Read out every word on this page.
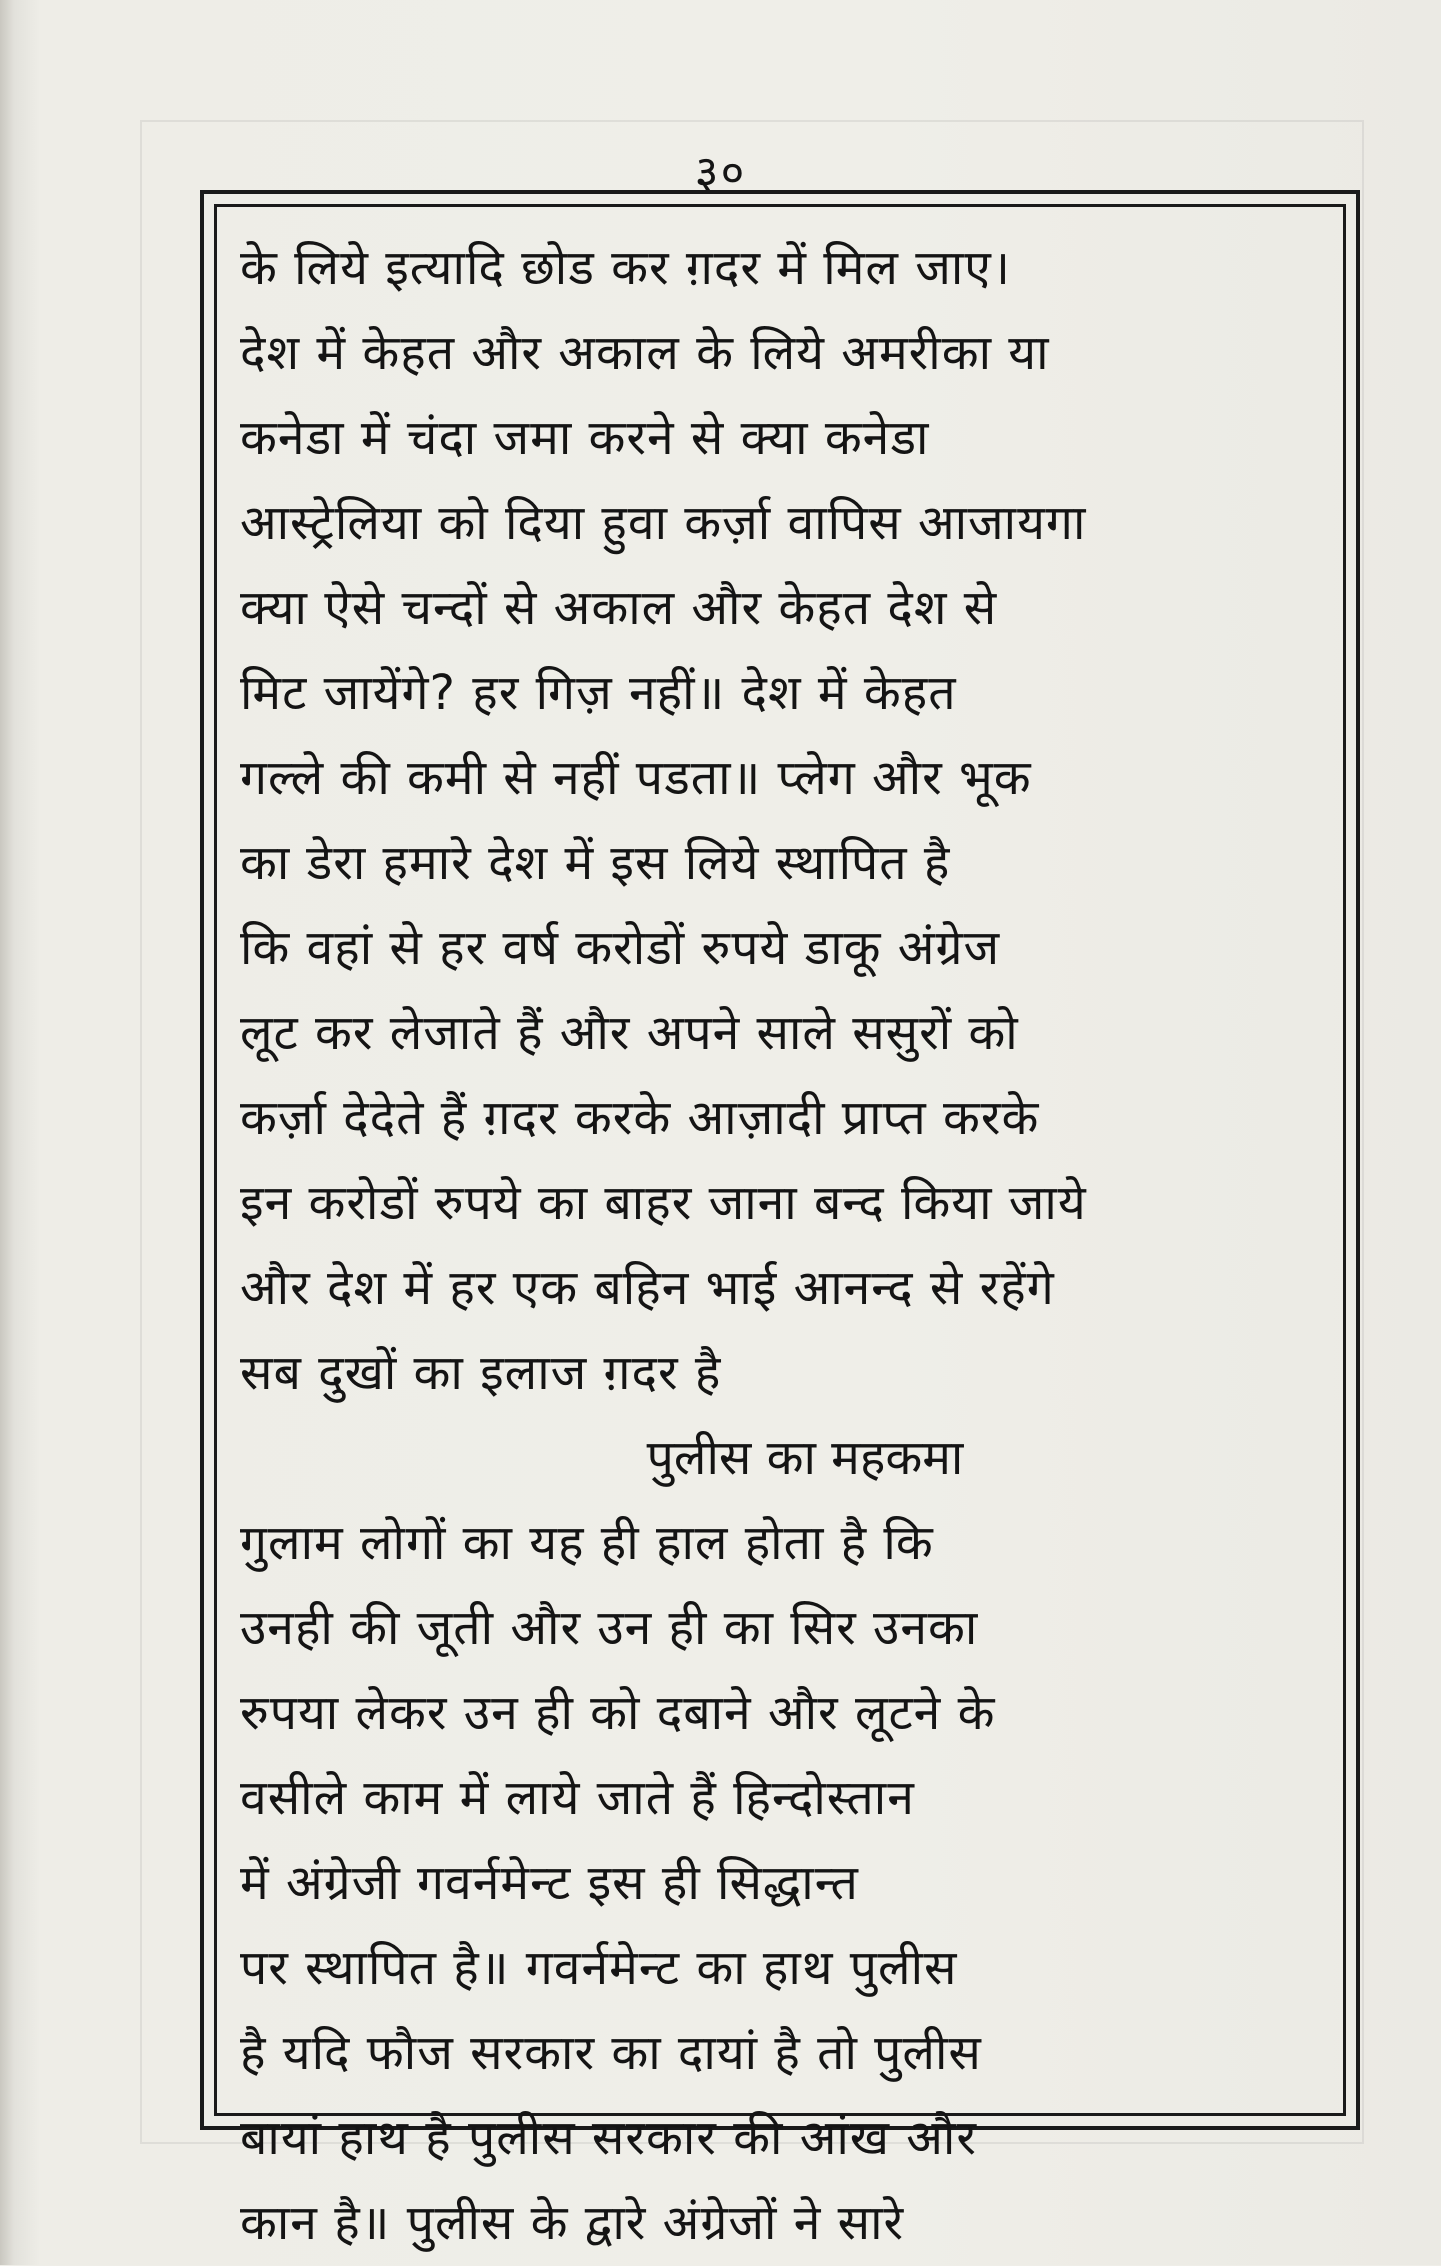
३०
के लिये इत्यादि छोड कर ग़दर में मिल जाए।
देश में केहत और अकाल के लिये अमरीका या
कनेडा में चंदा जमा करने से क्या कनेडा
आस्ट्रेलिया को दिया हुवा कर्ज़ा वापिस आजायगा
क्या ऐसे चन्दों से अकाल और केहत देश से
मिट जायेंगे? हर गिज़ नहीं॥ देश में केहत
गल्ले की कमी से नहीं पडता॥ प्लेग और भूक
का डेरा हमारे देश में इस लिये स्थापित है
कि वहां से हर वर्ष करोडों रुपये डाकू अंग्रेज
लूट कर लेजाते हैं और अपने साले ससुरों को
कर्ज़ा देदेते हैं ग़दर करके आज़ादी प्राप्त करके
इन करोडों रुपये का बाहर जाना बन्द किया जाये
और देश में हर एक बहिन भाई आनन्द से रहेंगे
सब दुखों का इलाज ग़दर है
पुलीस का महकमा
गुलाम लोगों का यह ही हाल होता है कि
उनही की जूती और उन ही का सिर उनका
रुपया लेकर उन ही को दबाने और लूटने के
वसीले काम में लाये जाते हैं हिन्दोस्तान
में अंग्रेजी गवर्नमेन्ट इस ही सिद्धान्त
पर स्थापित है॥ गवर्नमेन्ट का हाथ पुलीस
है यदि फौज सरकार का दायां है तो पुलीस
बायां हाथ है पुलीस सरकार की आंख और
कान है॥ पुलीस के द्वारे अंग्रेजों ने सारे
